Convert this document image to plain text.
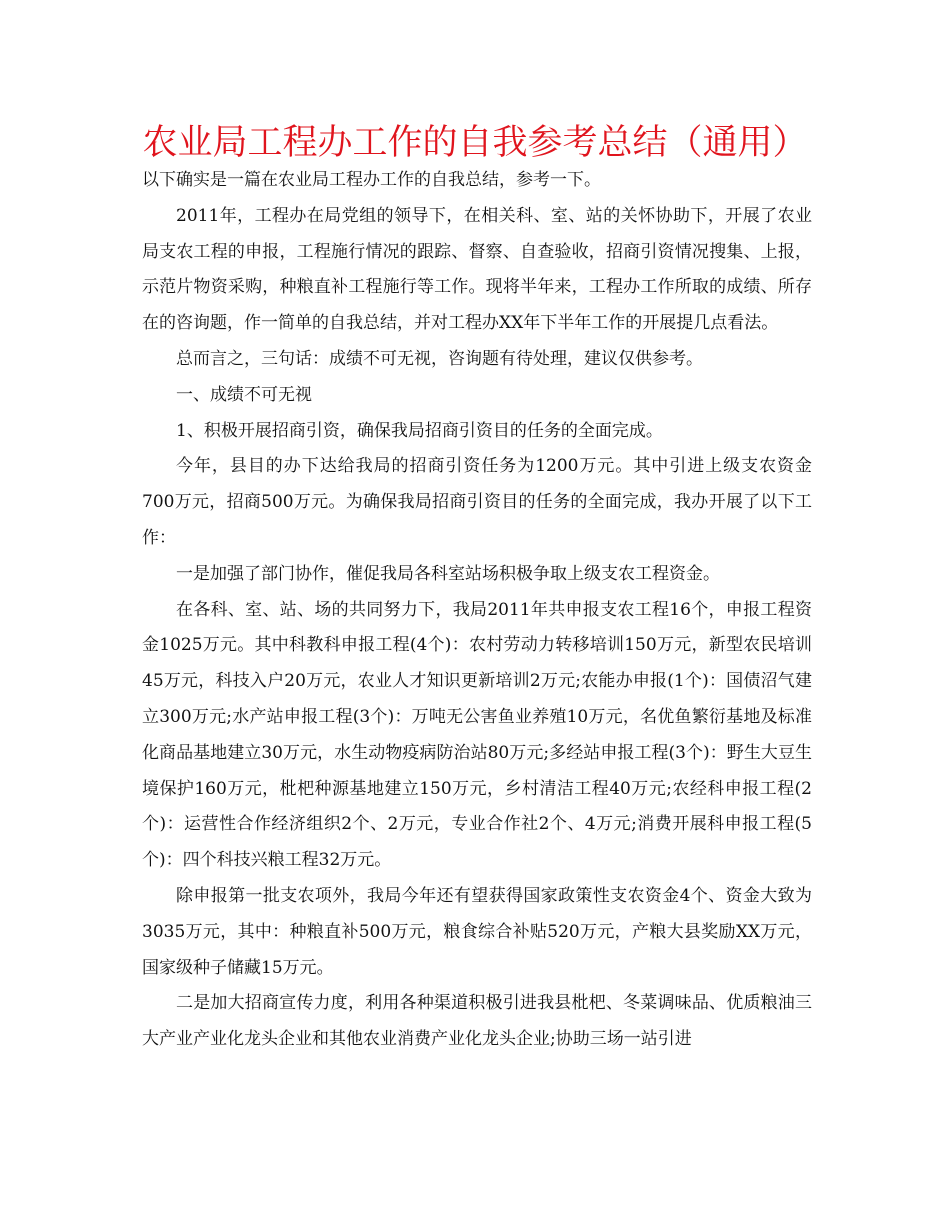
农业局工程办工作的自我参考总结（通用）

以下确实是一篇在农业局工程办工作的自我总结，参考一下。

2011年，工程办在局党组的领导下，在相关科、室、站的关怀协助下，开展了农业局支农工程的申报，工程施行情况的跟踪、督察、自查验收，招商引资情况搜集、上报，示范片物资采购，种粮直补工程施行等工作。现将半年来，工程办工作所取的成绩、所存在的咨询题，作一简单的自我总结，并对工程办XX年下半年工作的开展提几点看法。

总而言之，三句话：成绩不可无视，咨询题有待处理，建议仅供参考。

一、成绩不可无视

1、积极开展招商引资，确保我局招商引资目的任务的全面完成。

今年，县目的办下达给我局的招商引资任务为1200万元。其中引进上级支农资金700万元，招商500万元。为确保我局招商引资目的任务的全面完成，我办开展了以下工作：

一是加强了部门协作，催促我局各科室站场积极争取上级支农工程资金。

在各科、室、站、场的共同努力下，我局2011年共申报支农工程16个，申报工程资金1025万元。其中科教科申报工程(4个)：农村劳动力转移培训150万元，新型农民培训45万元，科技入户20万元，农业人才知识更新培训2万元;农能办申报(1个)：国债沼气建立300万元;水产站申报工程(3个)：万吨无公害鱼业养殖10万元，名优鱼繁衍基地及标准化商品基地建立30万元，水生动物疫病防治站80万元;多经站申报工程(3个)：野生大豆生境保护160万元，枇杷种源基地建立150万元，乡村清洁工程40万元;农经科申报工程(2个)：运营性合作经济组织2个、2万元，专业合作社2个、4万元;消费开展科申报工程(5个)：四个科技兴粮工程32万元。

除申报第一批支农项外，我局今年还有望获得国家政策性支农资金4个、资金大致为3035万元，其中：种粮直补500万元，粮食综合补贴520万元，产粮大县奖励XX万元，国家级种子储藏15万元。

二是加大招商宣传力度，利用各种渠道积极引进我县枇杷、冬菜调味品、优质粮油三大产业产业化龙头企业和其他农业消费产业化龙头企业;协助三场一站引进
